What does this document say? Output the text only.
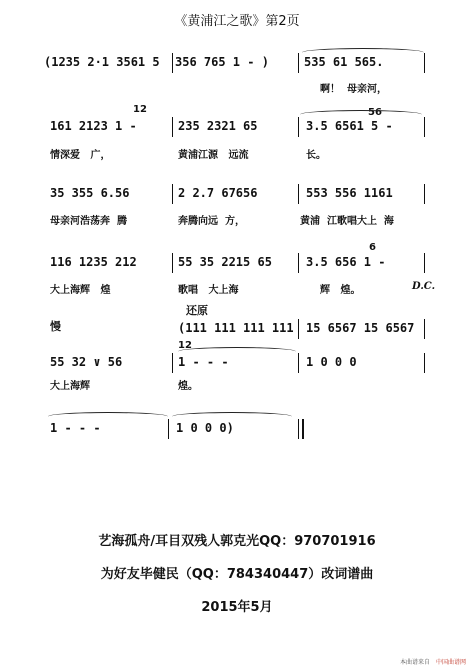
《黄浦江之歌》第2页
(1235 2·1 3561 5 356 765 1 - )	535 61 565.

啊！  母亲河，

161 2123 1 -	235 2321 65	3.5 6561 5 -
12	56

情深爱   广，

	黄浦江源   远流

	长。

35 355 6.56	2 2.7 67656	553 556 1161

母亲河浩荡奔  腾

	奔腾向远  方，

	黄浦  江歌唱大上  海

116 1235 212	55 35 2215 65	3.5 656 1 -
6

大上海辉   煌

	歌唱   大上海

	辉   煌。

	D.C.

慢
还原
(111 111 111 111 15 6567 15 6567
55 32 ∨ 56	1 - - -	1 0 0 0
12

大上海辉

	煌。

1 - - -	1 0 0 0)
艺海孤舟/耳目双残人郭克光QQ：970701916
为好友毕健民（QQ：784340447）改词谱曲
2015年5月
本曲谱来自 中国曲谱网
